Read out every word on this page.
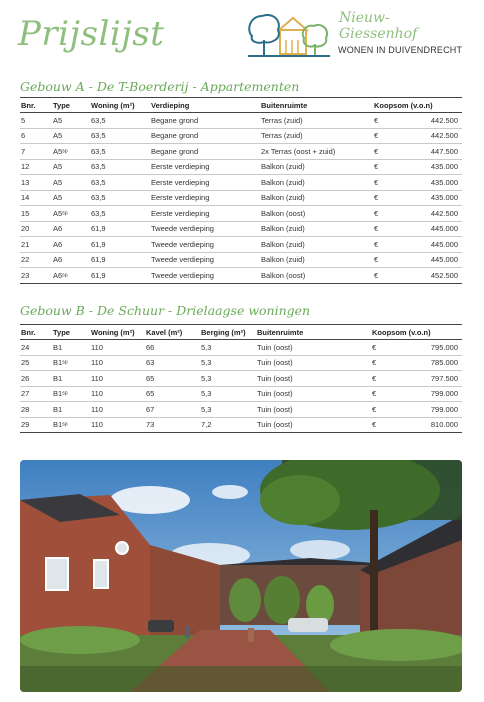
Prijslijst	Nieuw-
Giessenhof
WONEN IN DUIVENDRECHT
Gebouw A - De T-Boerderij - Appartementen
Bnr.	Type	Woning (m²)	Verdieping	Buitenruimte	Koopsom (v.o.n)	
5	A5	63,5	Begane grond	Terras (zuid)	€	442.500
6	A5	63,5	Begane grond	Terras (zuid)	€	442.500
7	A5ˢᵖ	63,5	Begane grond	2x Terras (oost + zuid)	€	447.500
12	A5	63,5	Eerste verdieping	Balkon (zuid)	€	435.000
13	A5	63,5	Eerste verdieping	Balkon (zuid)	€	435.000
14	A5	63,5	Eerste verdieping	Balkon (zuid)	€	435.000
15	A5ˢᵖ	63,5	Eerste verdieping	Balkon (oost)	€	442.500
20	A6	61,9	Tweede verdieping	Balkon (zuid)	€	445.000
21	A6	61,9	Tweede verdieping	Balkon (zuid)	€	445.000
22	A6	61,9	Tweede verdieping	Balkon (zuid)	€	445.000
23	A6ˢᵖ	61,9	Tweede verdieping	Balkon (oost)	€	452.500
Gebouw B - De Schuur - Drielaagse woningen
Bnr.	Type	Woning (m²)	Kavel (m²)	Berging (m²)	Buitenruimte	Koopsom (v.o.n)	
24	B1	110	66	5,3	Tuin (oost)	€	795.000
25	B1ˢᵖ	110	63	5,3	Tuin (oost)	€	785.000
26	B1	110	65	5,3	Tuin (oost)	€	797.500
27	B1ˢᵖ	110	65	5,3	Tuin (oost)	€	799.000
28	B1	110	67	5,3	Tuin (oost)	€	799.000
29	B1ˢᵖ	110	73	7,2	Tuin (oost)	€	810.000
